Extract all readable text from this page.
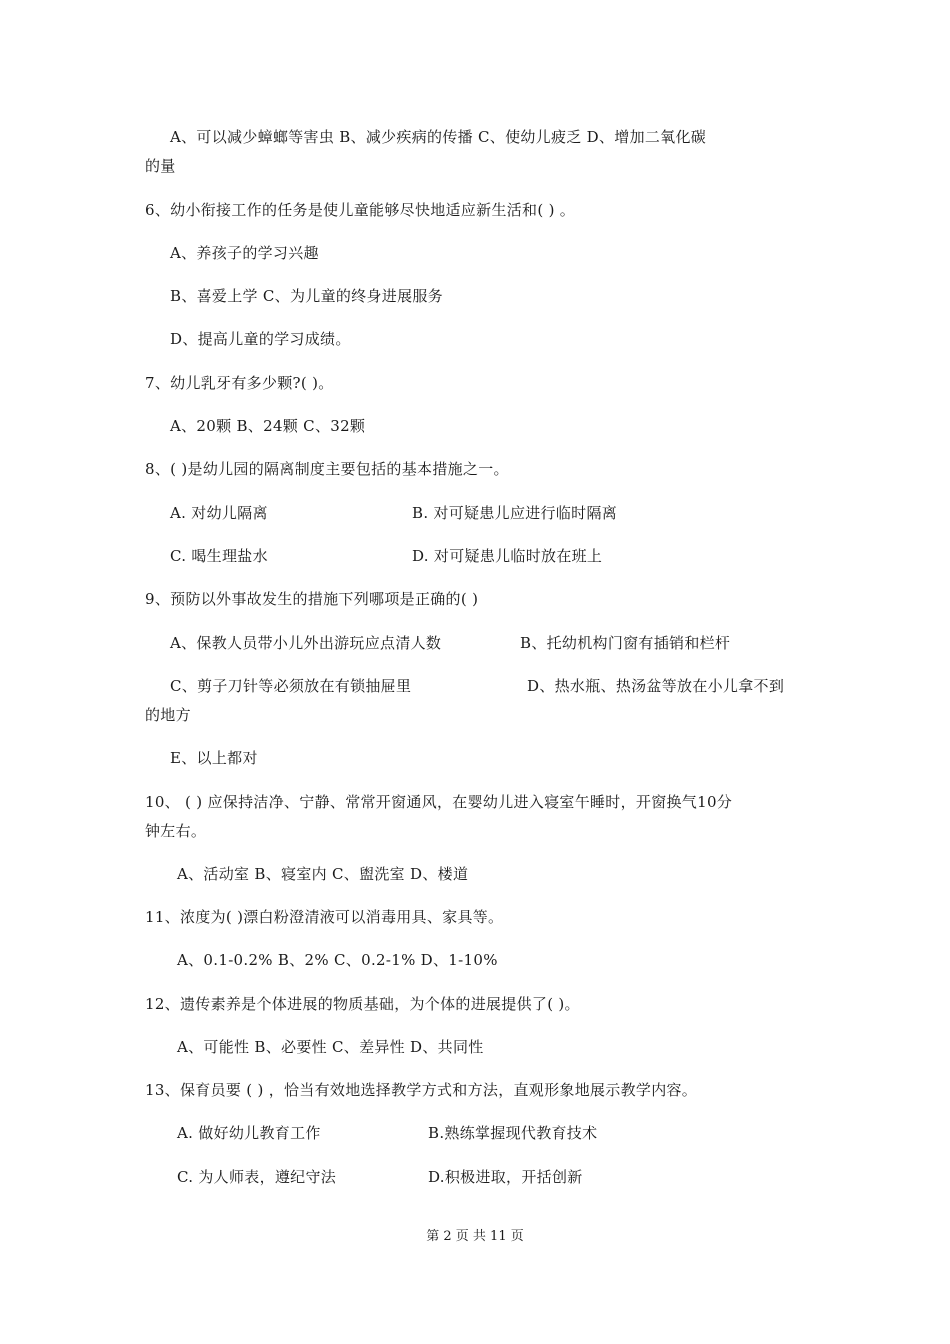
A、可以减少蟑螂等害虫 B、减少疾病的传播 C、使幼儿疲乏 D、增加二氧化碳
的量
6、幼小衔接工作的任务是使儿童能够尽快地适应新生活和( ) 。
A、养孩子的学习兴趣
B、喜爱上学 C、为儿童的终身进展服务
D、提高儿童的学习成绩。
7、幼儿乳牙有多少颗?( )。
A、20颗 B、24颗 C、32颗
8、( )是幼儿园的隔离制度主要包括的基本措施之一。
A. 对幼儿隔离	B. 对可疑患儿应进行临时隔离
C. 喝生理盐水	D. 对可疑患儿临时放在班上
9、预防以外事故发生的措施下列哪项是正确的( )
A、保教人员带小儿外出游玩应点清人数	B、托幼机构门窗有插销和栏杆
C、剪子刀针等必须放在有锁抽屉里	D、热水瓶、热汤盆等放在小儿拿不到
的地方
E、以上都对
10、 ( ) 应保持洁净、宁静、常常开窗通风，在婴幼儿进入寝室午睡时，开窗换气10分
钟左右。
A、活动室 B、寝室内 C、盥洗室 D、楼道
11、浓度为( )漂白粉澄清液可以消毒用具、家具等。
A、0.1-0.2% B、2% C、0.2-1% D、1-10%
12、遗传素养是个体进展的物质基础，为个体的进展提供了( )。
A、可能性 B、必要性 C、差异性 D、共同性
13、保育员要 ( ) ，恰当有效地选择教学方式和方法，直观形象地展示教学内容。
A. 做好幼儿教育工作	B.熟练掌握现代教育技术
C. 为人师表，遵纪守法	D.积极进取，开括创新
第 2 页 共 11 页
